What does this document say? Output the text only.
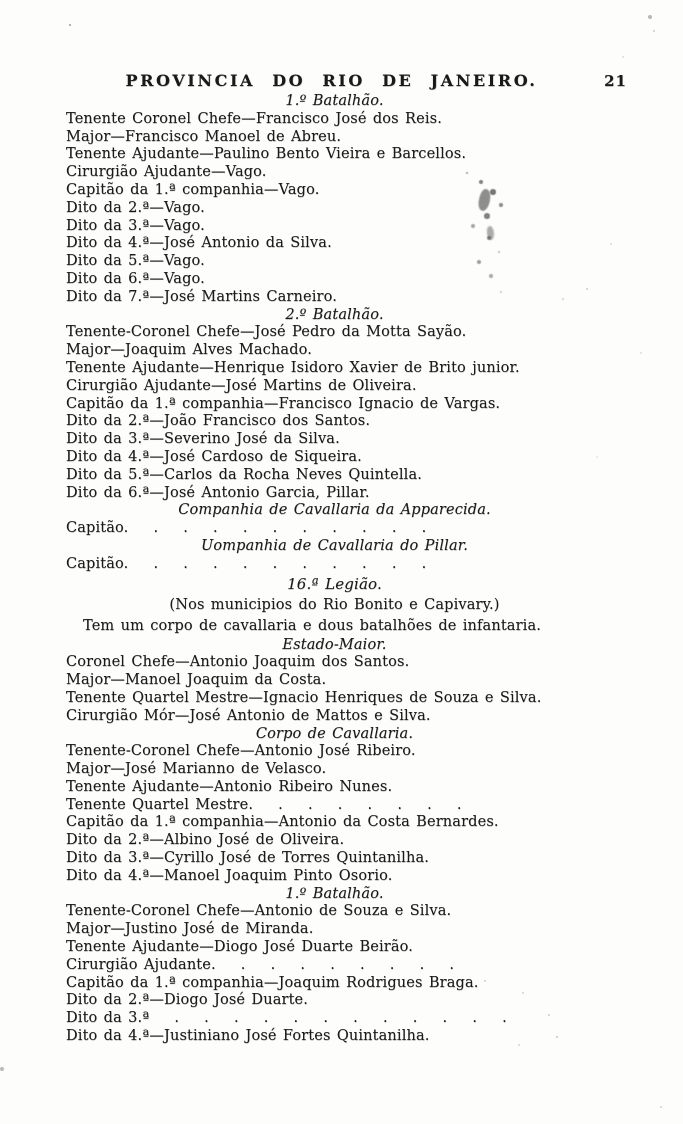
PROVINCIA DO RIO DE JANEIRO.	21
1.º Batalhão.
Tenente Coronel Chefe—Francisco José dos Reis.
Major—Francisco Manoel de Abreu.
Tenente Ajudante—Paulino Bento Vieira e Barcellos.
Cirurgião Ajudante—Vago.
Capitão da 1.ª companhia—Vago.
Dito da 2.ª—Vago.
Dito da 3.ª—Vago.
Dito da 4.ª—José Antonio da Silva.
Dito da 5.ª—Vago.
Dito da 6.ª—Vago.
Dito da 7.ª—José Martins Carneiro.
2.º Batalhão.
Tenente-Coronel Chefe—José Pedro da Motta Sayão.
Major—Joaquim Alves Machado.
Tenente Ajudante—Henrique Isidoro Xavier de Brito junior.
Cirurgião Ajudante—José Martins de Oliveira.
Capitão da 1.ª companhia—Francisco Ignacio de Vargas.
Dito da 2.ª—João Francisco dos Santos.
Dito da 3.ª—Severino José da Silva.
Dito da 4.ª—José Cardoso de Siqueira.
Dito da 5.ª—Carlos da Rocha Neves Quintella.
Dito da 6.ª—José Antonio Garcia, Pillar.
Companhia de Cavallaria da Apparecida.
Capitão.    .    .    .    .    .    .    .    .    .    .
Uompanhia de Cavallaria do Pillar.
Capitão.    .    .    .    .    .    .    .    .    .    .
16.ª Legião.
(Nos municipios do Rio Bonito e Capivary.)
Tem um corpo de cavallaria e dous batalhões de infantaria.
Estado-Maior.
Coronel Chefe—Antonio Joaquim dos Santos.
Major—Manoel Joaquim da Costa.
Tenente Quartel Mestre—Ignacio Henriques de Souza e Silva.
Cirurgião Mór—José Antonio de Mattos e Silva.
Corpo de Cavallaria.
Tenente-Coronel Chefe—Antonio José Ribeiro.
Major—José Marianno de Velasco.
Tenente Ajudante—Antonio Ribeiro Nunes.
Tenente Quartel Mestre.    .    .    .    .    .    .    .
Capitão da 1.ª companhia—Antonio da Costa Bernardes.
Dito da 2.ª—Albino José de Oliveira.
Dito da 3.ª—Cyrillo José de Torres Quintanilha.
Dito da 4.ª—Manoel Joaquim Pinto Osorio.
1.º Batalhão.
Tenente-Coronel Chefe—Antonio de Souza e Silva.
Major—Justino José de Miranda.
Tenente Ajudante—Diogo José Duarte Beirão.
Cirurgião Ajudante.    .    .    .    .    .    .    .    .
Capitão da 1.ª companhia—Joaquim Rodrigues Braga.
Dito da 2.ª—Diogo José Duarte.
Dito da 3.ª    .    .    .    .    .    .    .    .    .    .    .    .
Dito da 4.ª—Justiniano José Fortes Quintanilha.
